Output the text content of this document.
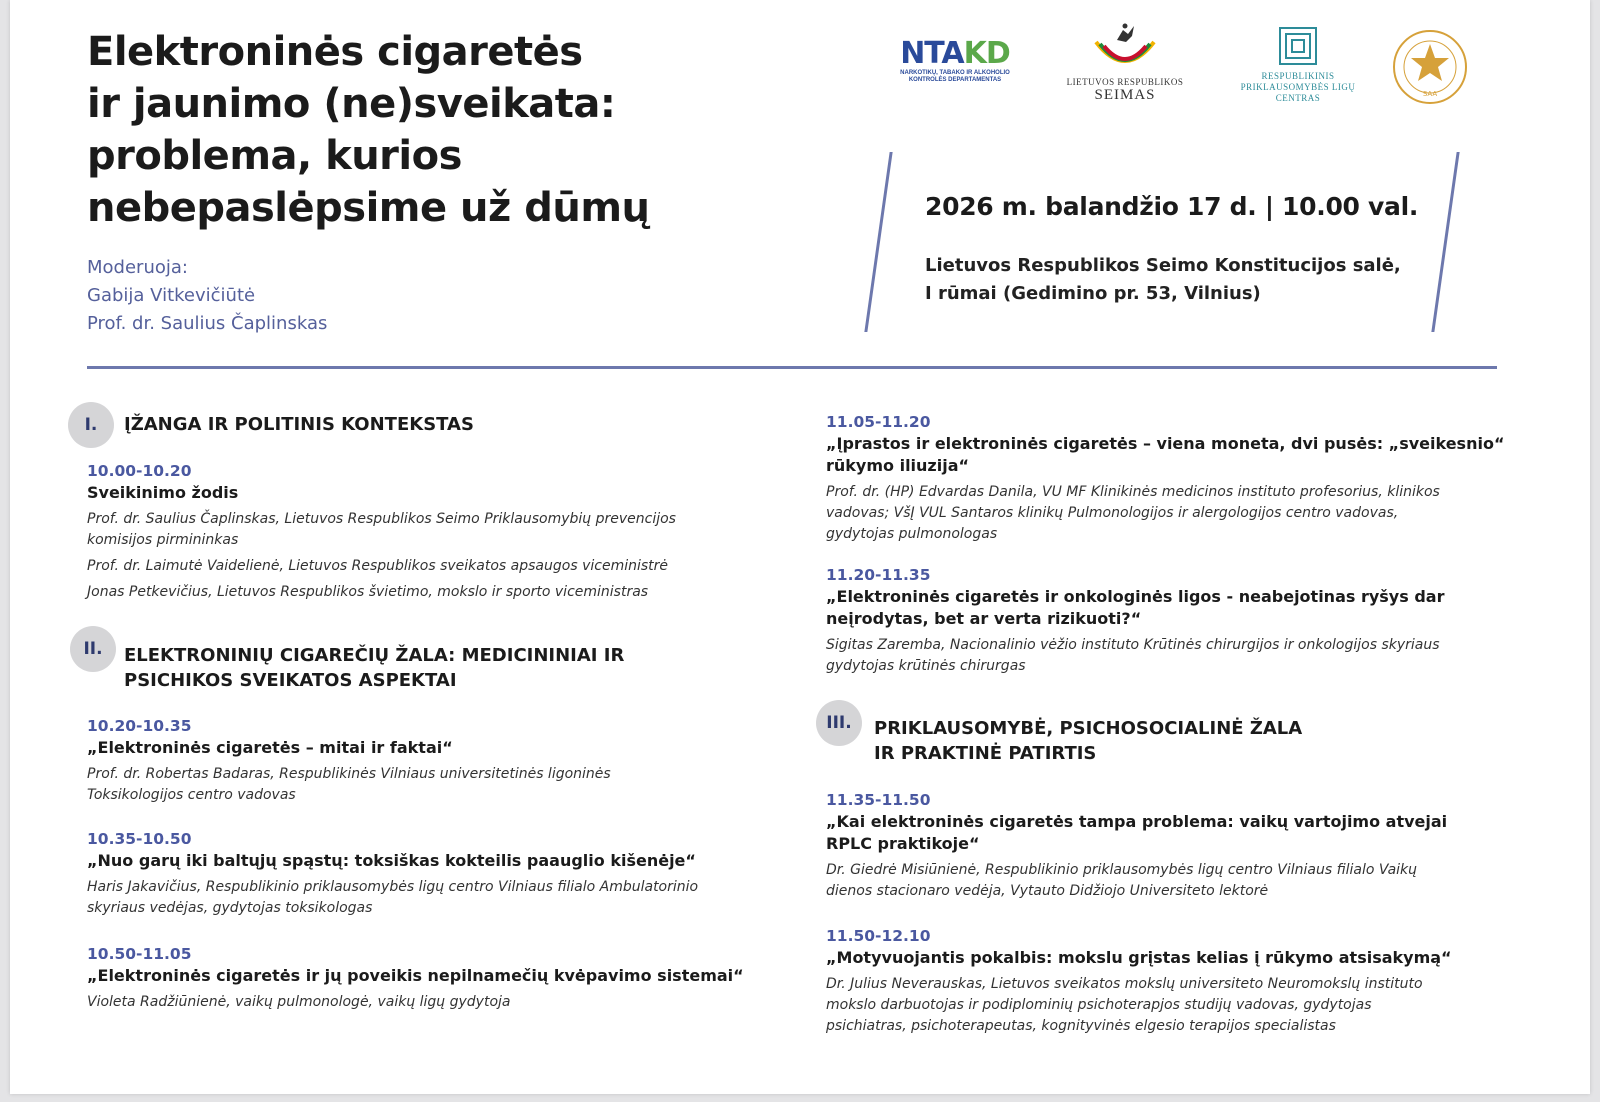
Elektroninės cigaretės
ir jaunimo (ne)sveikata:
problema, kurios
nebepaslėpsime už dūmų
Moderuoja:
Gabija Vitkevičiūtė
Prof. dr. Saulius Čaplinskas
NTAKD
NARKOTIKŲ, TABAKO IR ALKOHOLIO
KONTROLĖS DEPARTAMENTAS	LIETUVOS RESPUBLIKOS
SEIMAS
RESPUBLIKINIS
PRIKLAUSOMYBĖS LIGŲ
CENTRAS	SAA
2026 m. balandžio 17 d. | 10.00 val.
Lietuvos Respublikos Seimo Konstitucijos salė,
I rūmai (Gedimino pr. 53, Vilnius)
I.	ĮŽANGA IR POLITINIS KONTEKSTAS
10.00-10.20
Sveikinimo žodis
Prof. dr. Saulius Čaplinskas, Lietuvos Respublikos Seimo Priklausomybių prevencijos
komisijos pirmininkas
Prof. dr. Laimutė Vaidelienė, Lietuvos Respublikos sveikatos apsaugos viceministrė
Jonas Petkevičius, Lietuvos Respublikos švietimo, mokslo ir sporto viceministras
II.	ELEKTRONINIŲ CIGAREČIŲ ŽALA: MEDICININIAI IR
PSICHIKOS SVEIKATOS ASPEKTAI
10.20-10.35
„Elektroninės cigaretės – mitai ir faktai“
Prof. dr. Robertas Badaras, Respublikinės Vilniaus universitetinės ligoninės
Toksikologijos centro vadovas
10.35-10.50
„Nuo garų iki baltųjų spąstų: toksiškas kokteilis paauglio kišenėje“
Haris Jakavičius, Respublikinio priklausomybės ligų centro Vilniaus filialo Ambulatorinio
skyriaus vedėjas, gydytojas toksikologas
10.50-11.05
„Elektroninės cigaretės ir jų poveikis nepilnamečių kvėpavimo sistemai“
Violeta Radžiūnienė, vaikų pulmonologė, vaikų ligų gydytoja
11.05-11.20
„Įprastos ir elektroninės cigaretės – viena moneta, dvi pusės: „sveikesnio“
rūkymo iliuzija“
Prof. dr. (HP) Edvardas Danila, VU MF Klinikinės medicinos instituto profesorius, klinikos
vadovas; VšĮ VUL Santaros klinikų Pulmonologijos ir alergologijos centro vadovas,
gydytojas pulmonologas
11.20-11.35
„Elektroninės cigaretės ir onkologinės ligos - neabejotinas ryšys dar
neįrodytas, bet ar verta rizikuoti?“
Sigitas Zaremba, Nacionalinio vėžio instituto Krūtinės chirurgijos ir onkologijos skyriaus
gydytojas krūtinės chirurgas
III.	PRIKLAUSOMYBĖ, PSICHOSOCIALINĖ ŽALA
IR PRAKTINĖ PATIRTIS
11.35-11.50
„Kai elektroninės cigaretės tampa problema: vaikų vartojimo atvejai
RPLC praktikoje“
Dr. Giedrė Misiūnienė, Respublikinio priklausomybės ligų centro Vilniaus filialo Vaikų
dienos stacionaro vedėja, Vytauto Didžiojo Universiteto lektorė
11.50-12.10
„Motyvuojantis pokalbis: mokslu grįstas kelias į rūkymo atsisakymą“
Dr. Julius Neverauskas, Lietuvos sveikatos mokslų universiteto Neuromokslų instituto
mokslo darbuotojas ir podiplominių psichoterapjos studijų vadovas, gydytojas
psichiatras, psichoterapeutas, kognityvinės elgesio terapijos specialistas
